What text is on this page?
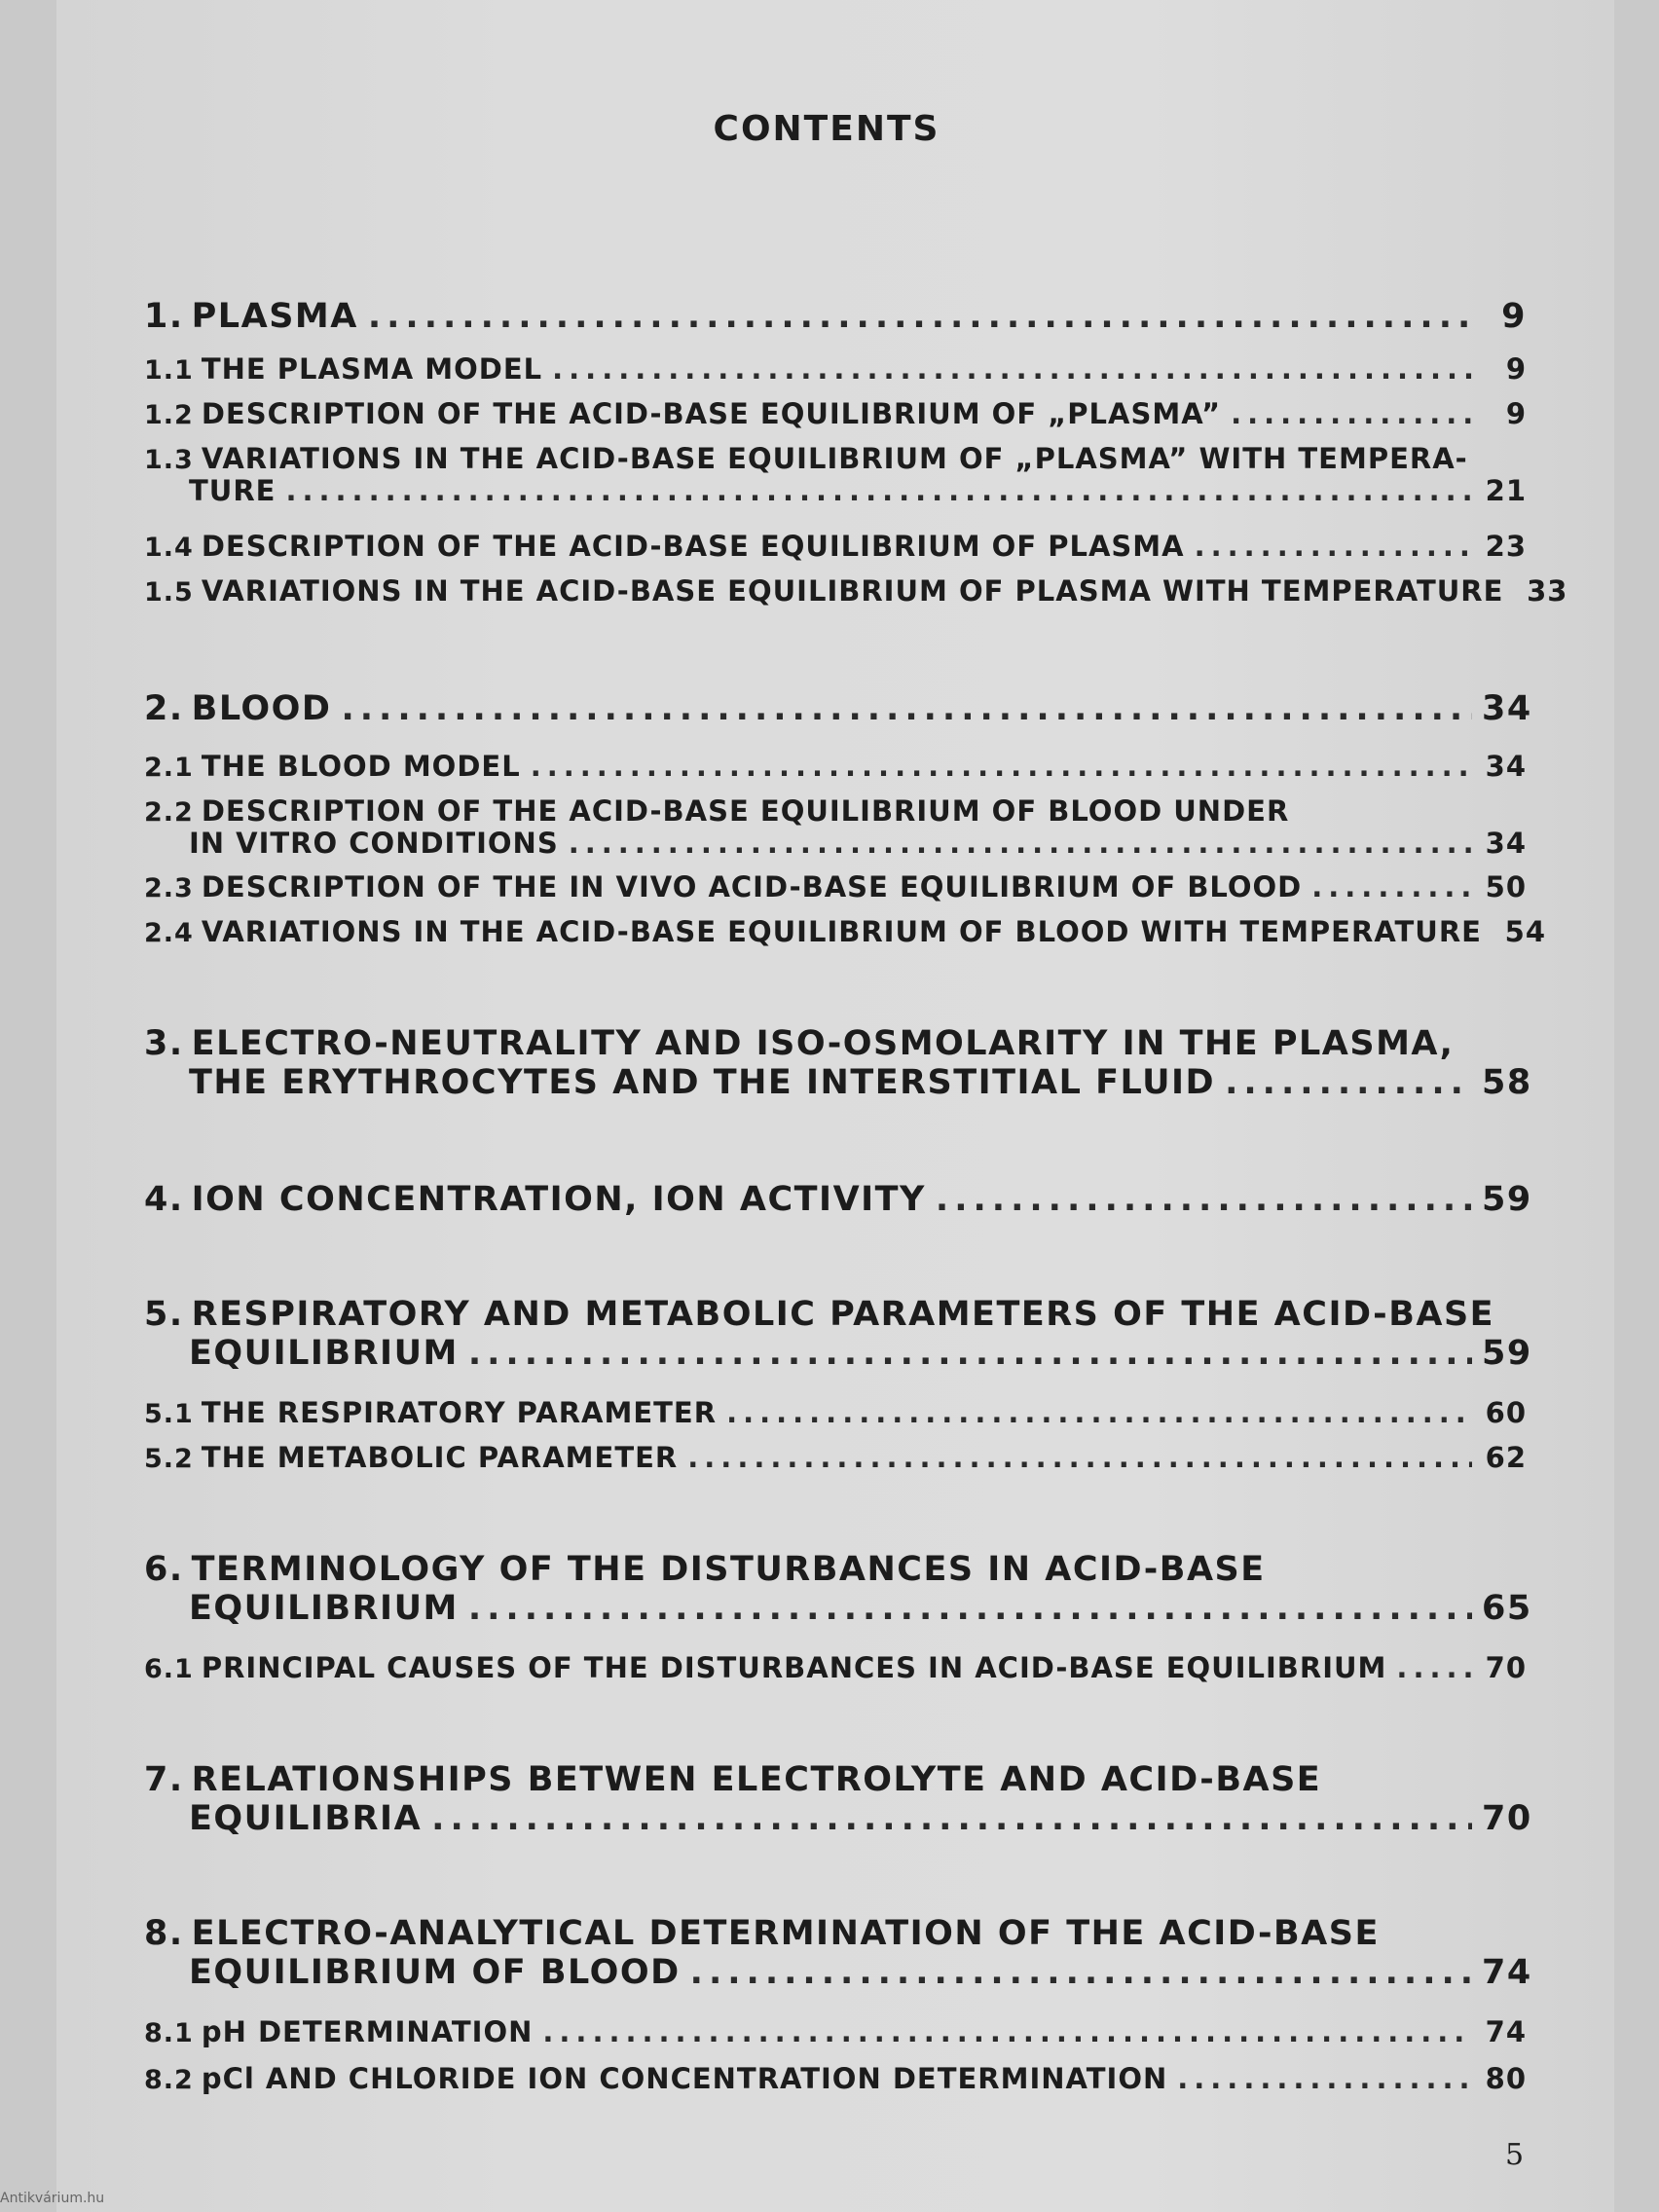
CONTENTS
1. PLASMA .....	9
1.1 THE PLASMA MODEL .....	9
1.2 DESCRIPTION OF THE ACID-BASE EQUILIBRIUM OF „PLASMA” .....	9
1.3 VARIATIONS IN THE ACID-BASE EQUILIBRIUM OF „PLASMA” WITH TEMPERA-
TURE .....	21
1.4 DESCRIPTION OF THE ACID-BASE EQUILIBRIUM OF PLASMA .....	23
1.5 VARIATIONS IN THE ACID-BASE EQUILIBRIUM OF PLASMA WITH TEMPERATURE 33
2. BLOOD .....	34
2.1 THE BLOOD MODEL .....	34
2.2 DESCRIPTION OF THE ACID-BASE EQUILIBRIUM OF BLOOD UNDER
IN VITRO CONDITIONS .....	34
2.3 DESCRIPTION OF THE IN VIVO ACID-BASE EQUILIBRIUM OF BLOOD .....	50
2.4 VARIATIONS IN THE ACID-BASE EQUILIBRIUM OF BLOOD WITH TEMPERATURE 54
3. ELECTRO-NEUTRALITY AND ISO-OSMOLARITY IN THE PLASMA,
THE ERYTHROCYTES AND THE INTERSTITIAL FLUID .....	58
4. ION CONCENTRATION, ION ACTIVITY .....	59
5. RESPIRATORY AND METABOLIC PARAMETERS OF THE ACID-BASE
EQUILIBRIUM .....	59
5.1 THE RESPIRATORY PARAMETER .....	60
5.2 THE METABOLIC PARAMETER .....	62
6. TERMINOLOGY OF THE DISTURBANCES IN ACID-BASE
EQUILIBRIUM .....	65
6.1 PRINCIPAL CAUSES OF THE DISTURBANCES IN ACID-BASE EQUILIBRIUM .....	70
7. RELATIONSHIPS BETWEN ELECTROLYTE AND ACID-BASE
EQUILIBRIA .....	70
8. ELECTRO-ANALYTICAL DETERMINATION OF THE ACID-BASE
EQUILIBRIUM OF BLOOD .....	74
8.1 pH DETERMINATION .....	74
8.2 pCl AND CHLORIDE ION CONCENTRATION DETERMINATION .....	80
5
Antikvárium.hu
